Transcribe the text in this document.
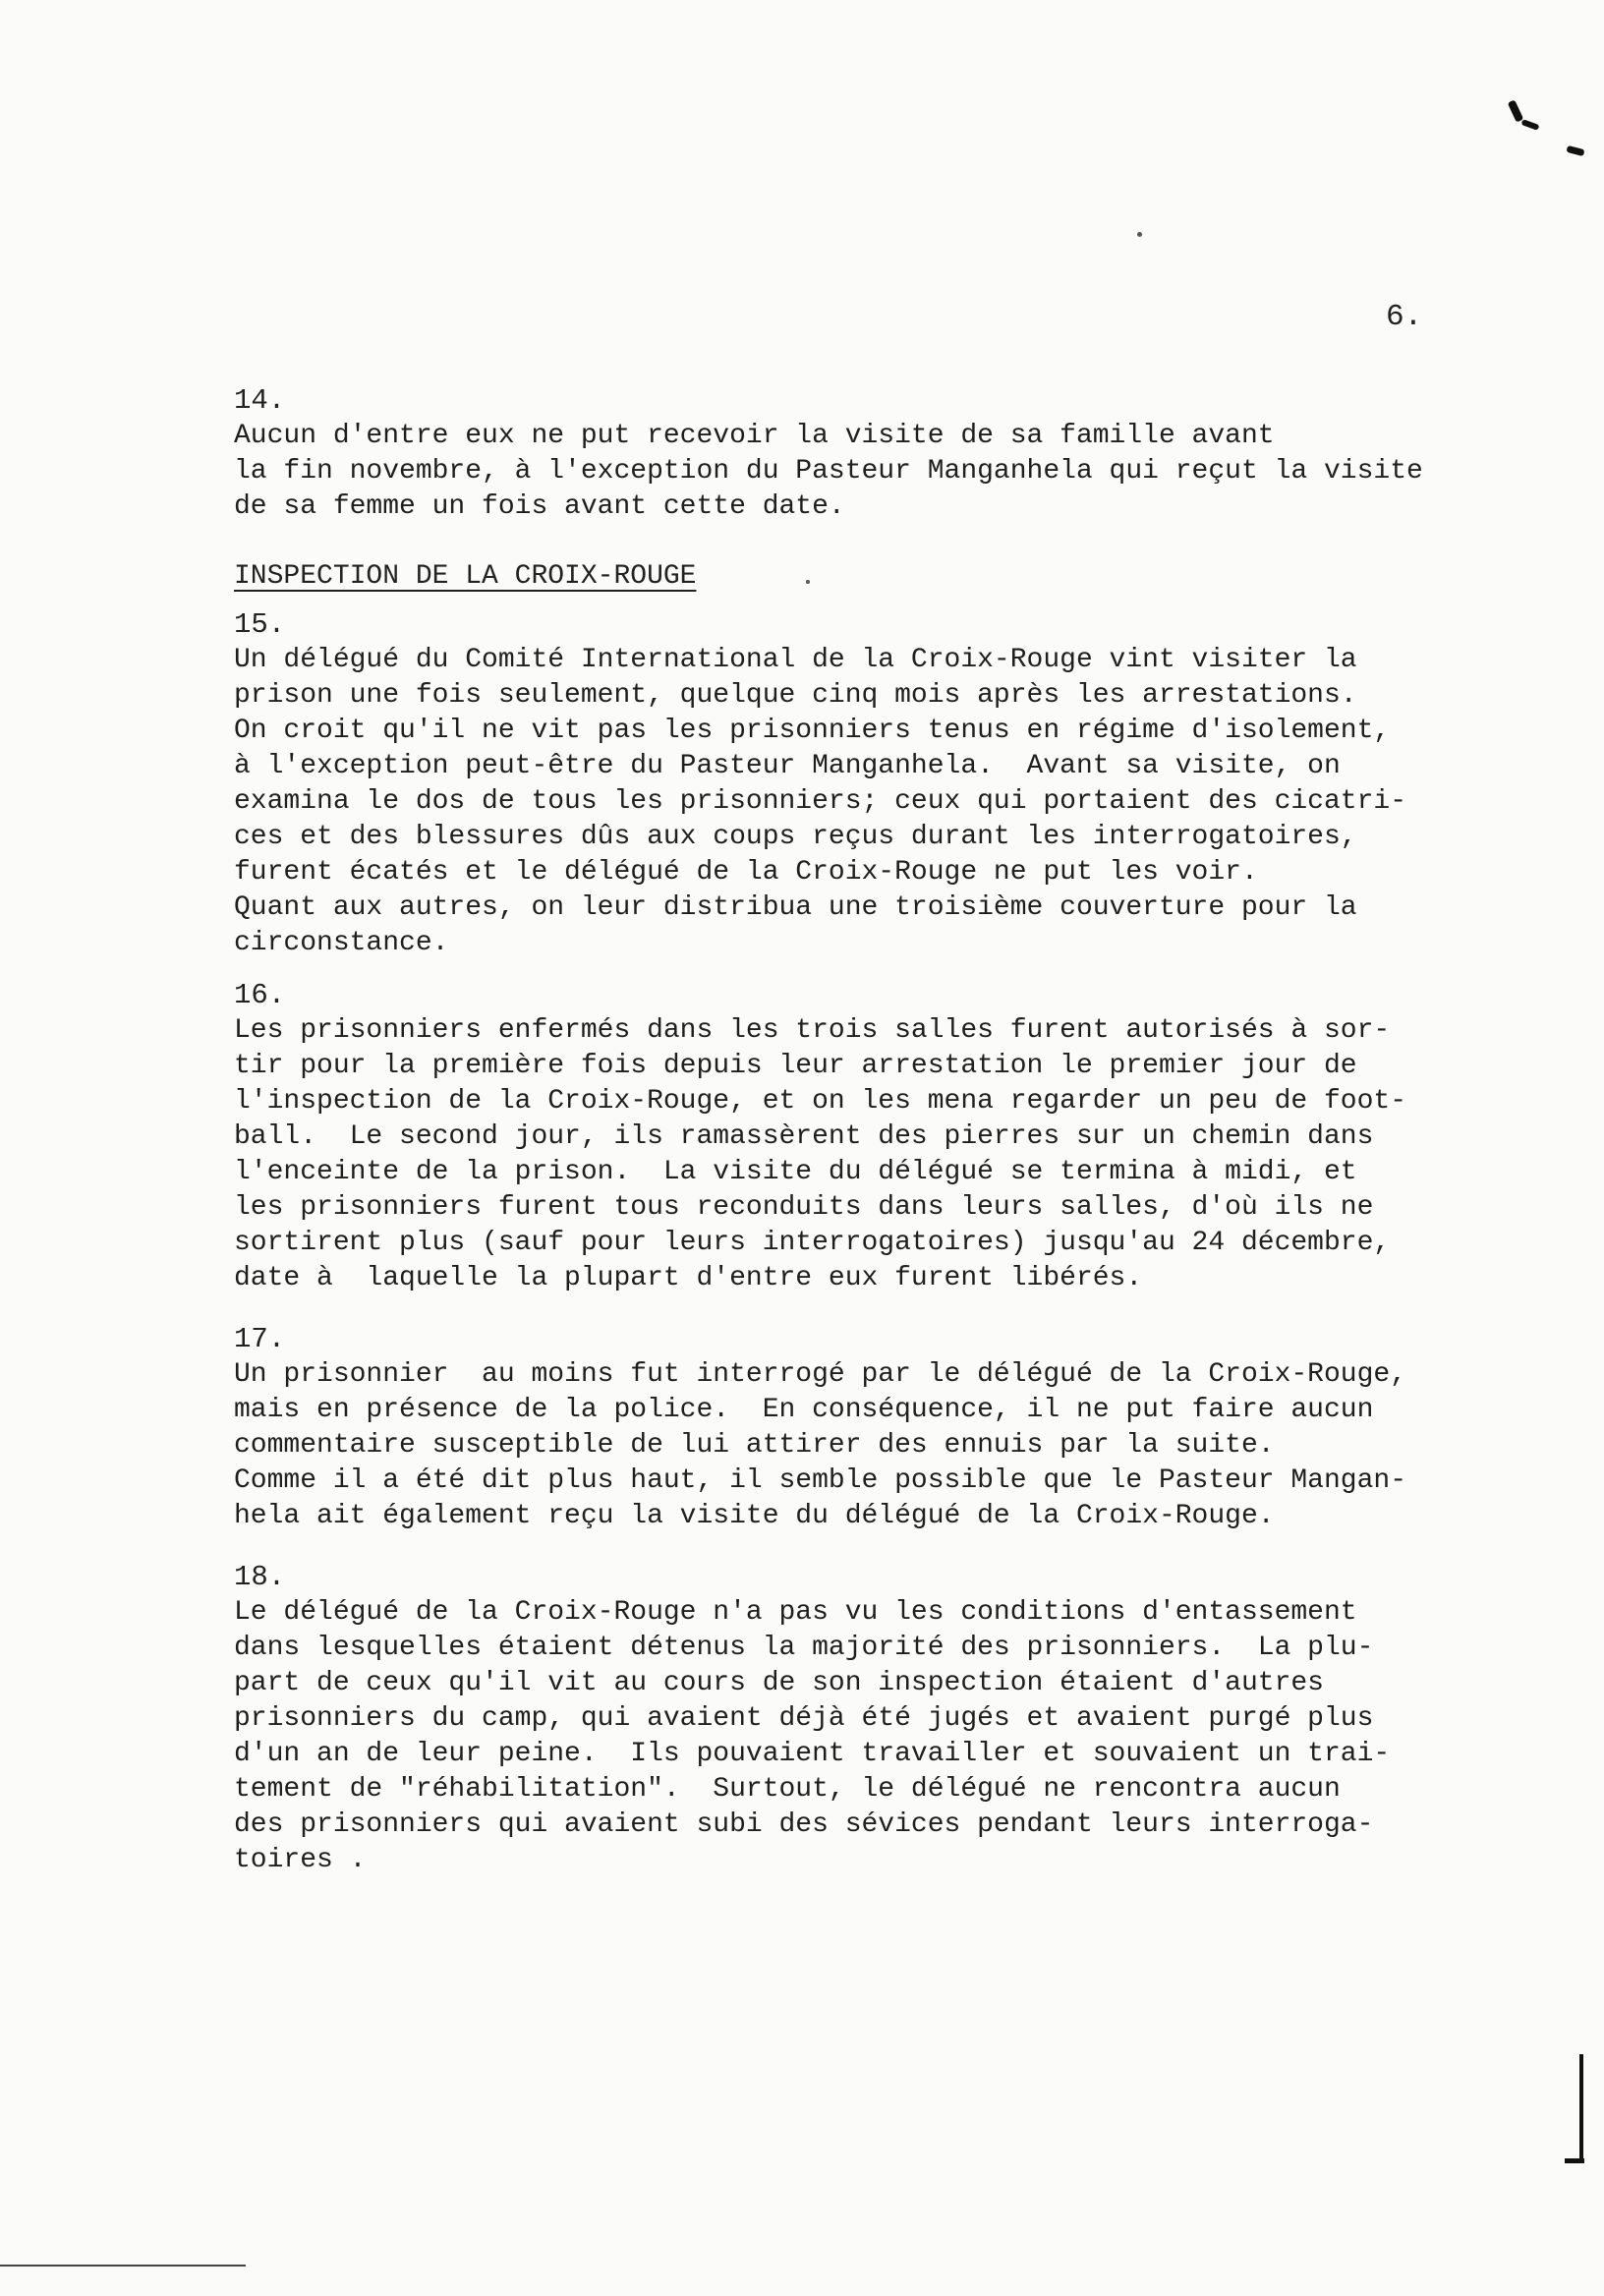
6.
14.
Aucun d'entre eux ne put recevoir la visite de sa famille avant
la fin novembre, à l'exception du Pasteur Manganhela qui reçut la visite
de sa femme un fois avant cette date.
INSPECTION DE LA CROIX-ROUGE
15.
Un délégué du Comité International de la Croix-Rouge vint visiter la
prison une fois seulement, quelque cinq mois après les arrestations.
On croit qu'il ne vit pas les prisonniers tenus en régime d'isolement,
à l'exception peut-être du Pasteur Manganhela.  Avant sa visite, on
examina le dos de tous les prisonniers; ceux qui portaient des cicatri-
ces et des blessures dûs aux coups reçus durant les interrogatoires,
furent écatés et le délégué de la Croix-Rouge ne put les voir.
Quant aux autres, on leur distribua une troisième couverture pour la
circonstance.
16.
Les prisonniers enfermés dans les trois salles furent autorisés à sor-
tir pour la première fois depuis leur arrestation le premier jour de
l'inspection de la Croix-Rouge, et on les mena regarder un peu de foot-
ball.  Le second jour, ils ramassèrent des pierres sur un chemin dans
l'enceinte de la prison.  La visite du délégué se termina à midi, et
les prisonniers furent tous reconduits dans leurs salles, d'où ils ne
sortirent plus (sauf pour leurs interrogatoires) jusqu'au 24 décembre,
date à  laquelle la plupart d'entre eux furent libérés.
17.
Un prisonnier  au moins fut interrogé par le délégué de la Croix-Rouge,
mais en présence de la police.  En conséquence, il ne put faire aucun
commentaire susceptible de lui attirer des ennuis par la suite.
Comme il a été dit plus haut, il semble possible que le Pasteur Mangan-
hela ait également reçu la visite du délégué de la Croix-Rouge.
18.
Le délégué de la Croix-Rouge n'a pas vu les conditions d'entassement
dans lesquelles étaient détenus la majorité des prisonniers.  La plu-
part de ceux qu'il vit au cours de son inspection étaient d'autres
prisonniers du camp, qui avaient déjà été jugés et avaient purgé plus
d'un an de leur peine.  Ils pouvaient travailler et souvaient un trai-
tement de "réhabilitation".  Surtout, le délégué ne rencontra aucun
des prisonniers qui avaient subi des sévices pendant leurs interroga-
toires .
